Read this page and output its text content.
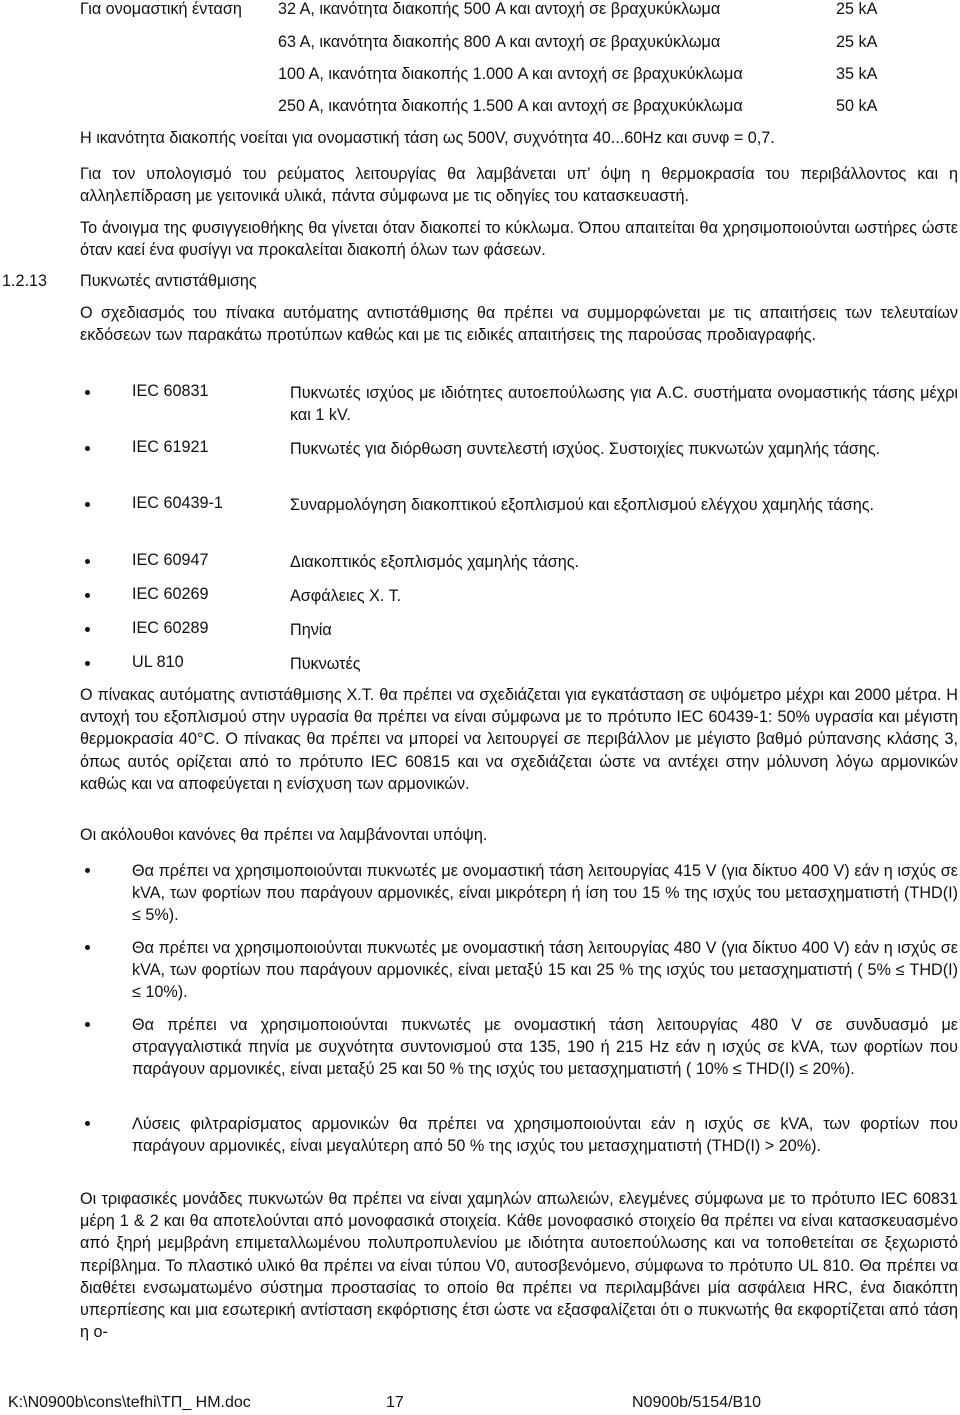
Για ονομαστική ένταση 32 A, ικανότητα διακοπής 500 A και αντοχή σε βραχυκύκλωμα	25 kA
63 A, ικανότητα διακοπής 800 A και αντοχή σε βραχυκύκλωμα	25 kA
100 A, ικανότητα διακοπής 1.000 A και αντοχή σε βραχυκύκλωμα	35 kA
250 A, ικανότητα διακοπής 1.500 A και αντοχή σε βραχυκύκλωμα	50 kA
Η ικανότητα διακοπής νοείται για ονομαστική τάση ως 500V, συχνότητα 40...60Hz και συνφ = 0,7.
Για τον υπολογισμό του ρεύματος λειτουργίας θα λαμβάνεται υπ’ όψη η θερμοκρασία του περιβάλλοντος και η αλληλεπίδραση με γειτονικά υλικά, πάντα σύμφωνα με τις οδηγίες του κατασκευαστή.
Το άνοιγμα της φυσιγγειοθήκης θα γίνεται όταν διακοπεί το κύκλωμα. Όπου απαιτείται θα χρησιμοποιούνται ωστήρες ώστε όταν καεί ένα φυσίγγι να προκαλείται διακοπή όλων των φάσεων.
1.2.13 Πυκνωτές αντιστάθμισης
Ο σχεδιασμός του πίνακα αυτόματης αντιστάθμισης θα πρέπει να συμμορφώνεται με τις απαιτήσεις των τελευταίων εκδόσεων των παρακάτω προτύπων καθώς και με τις ειδικές απαιτήσεις της παρούσας προδιαγραφής.
IEC 60831	Πυκνωτές ισχύος με ιδιότητες αυτοεπούλωσης για A.C. συστήματα ονομαστικής τάσης μέχρι και 1 kV.
IEC 61921	Πυκνωτές για διόρθωση συντελεστή ισχύος. Συστοιχίες πυκνωτών χαμηλής τάσης.
IEC 60439-1	Συναρμολόγηση διακοπτικού εξοπλισμού και εξοπλισμού ελέγχου χαμηλής τάσης.
IEC 60947	Διακοπτικός εξοπλισμός χαμηλής τάσης.
IEC 60269	Ασφάλειες Χ. Τ.
IEC 60289	Πηνία
UL 810	Πυκνωτές
Ο πίνακας αυτόματης αντιστάθμισης Χ.Τ. θα πρέπει να σχεδιάζεται για εγκατάσταση σε υψόμετρο μέχρι και 2000 μέτρα. Η αντοχή του εξοπλισμού στην υγρασία θα πρέπει να είναι σύμφωνα με το πρότυπο IEC 60439-1: 50% υγρασία και μέγιστη θερμοκρασία 40°C. Ο πίνακας θα πρέπει να μπορεί να λειτουργεί σε περιβάλλον με μέγιστο βαθμό ρύπανσης κλάσης 3, όπως αυτός ορίζεται από το πρότυπο IEC 60815 και να σχεδιάζεται ώστε να αντέχει στην μόλυνση λόγω αρμονικών καθώς και να αποφεύγεται η ενίσχυση των αρμονικών.
Οι ακόλουθοι κανόνες θα πρέπει να λαμβάνονται υπόψη.
Θα πρέπει να χρησιμοποιούνται πυκνωτές με ονομαστική τάση λειτουργίας 415 V (για δίκτυο 400 V) εάν η ισχύς σε kVA, των φορτίων που παράγουν αρμονικές, είναι μικρότερη ή ίση του 15 % της ισχύς του μετασχηματιστή (THD(I) ≤ 5%).
Θα πρέπει να χρησιμοποιούνται πυκνωτές με ονομαστική τάση λειτουργίας 480 V (για δίκτυο 400 V) εάν η ισχύς σε kVA, των φορτίων που παράγουν αρμονικές, είναι μεταξύ 15 και 25 % της ισχύς του μετασχηματιστή ( 5% ≤ THD(I) ≤ 10%).
Θα πρέπει να χρησιμοποιούνται πυκνωτές με ονομαστική τάση λειτουργίας 480 V σε συνδυασμό με στραγγαλιστικά πηνία με συχνότητα συντονισμού στα 135, 190 ή 215 Hz εάν η ισχύς σε kVA, των φορτίων που παράγουν αρμονικές, είναι μεταξύ 25 και 50 % της ισχύς του μετασχηματιστή ( 10% ≤ THD(I) ≤ 20%).
Λύσεις φιλτραρίσματος αρμονικών θα πρέπει να χρησιμοποιούνται εάν η ισχύς σε kVA, των φορτίων που παράγουν αρμονικές, είναι μεγαλύτερη από 50 % της ισχύς του μετασχηματιστή (THD(I) > 20%).
Οι τριφασικές μονάδες πυκνωτών θα πρέπει να είναι χαμηλών απωλειών, ελεγμένες σύμφωνα με το πρότυπο IEC 60831 μέρη 1 & 2 και θα αποτελούνται από μονοφασικά στοιχεία. Κάθε μονοφασικό στοιχείο θα πρέπει να είναι κατασκευασμένο από ξηρή μεμβράνη επιμεταλλωμένου πολυπροπυλενίου με ιδιότητα αυτοεπούλωσης και να τοποθετείται σε ξεχωριστό περίβλημα. Το πλαστικό υλικό θα πρέπει να είναι τύπου V0, αυτοσβενόμενο, σύμφωνα το πρότυπο UL 810. Θα πρέπει να διαθέτει ενσωματωμένο σύστημα προστασίας το οποίο θα πρέπει να περιλαμβάνει μία ασφάλεια HRC, ένα διακόπτη υπερπίεσης και μια εσωτερική αντίσταση εκφόρτισης έτσι ώστε να εξασφαλίζεται ότι ο πυκνωτής θα εκφορτίζεται από τάση η ο-
K:\N0900b\cons\tefhi\ΤΠ_ HM.doc	17	N0900b/5154/B10
